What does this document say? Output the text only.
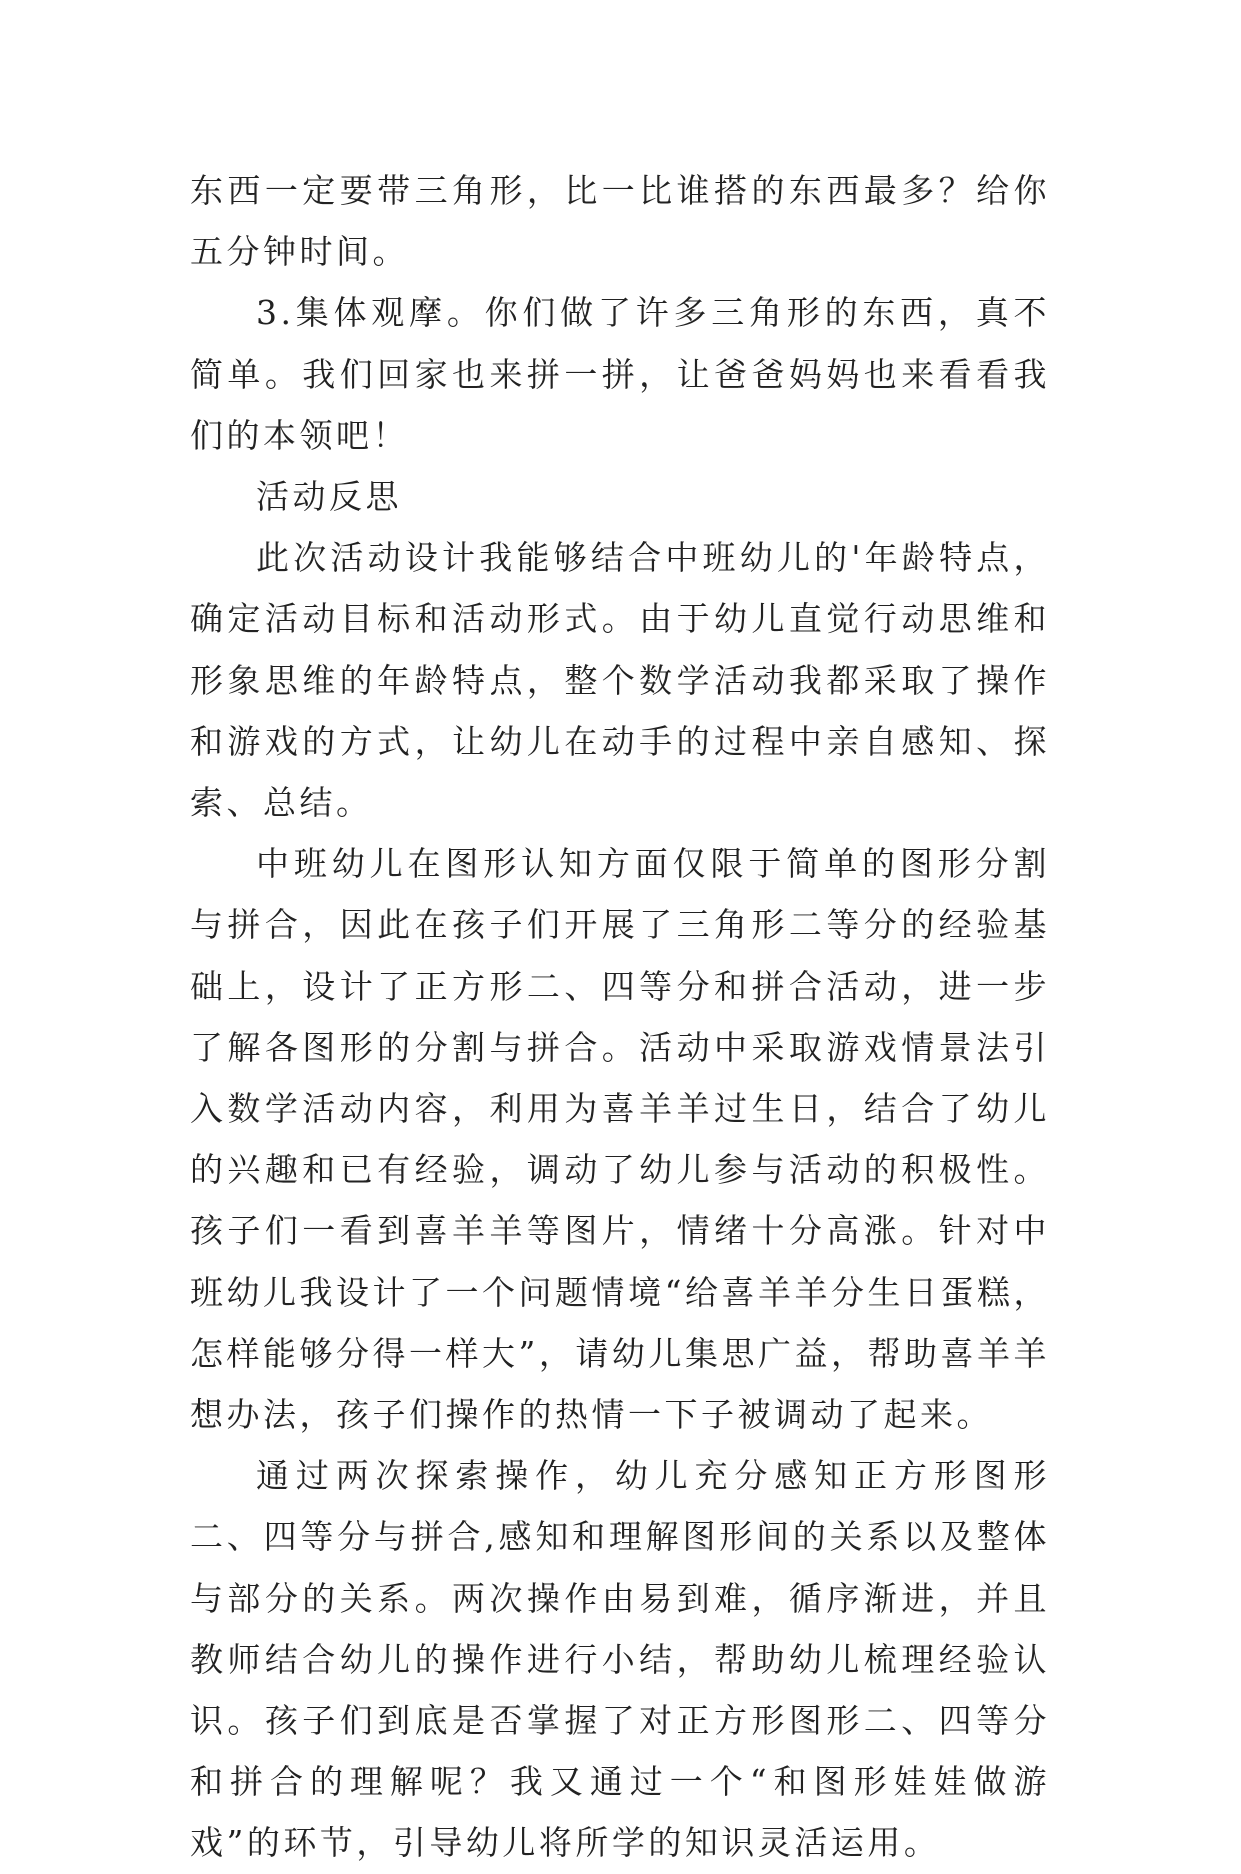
东西一定要带三角形，比一比谁搭的东西最多？给你五分钟时间。

3.集体观摩。你们做了许多三角形的东西，真不简单。我们回家也来拼一拼，让爸爸妈妈也来看看我们的本领吧！

活动反思

此次活动设计我能够结合中班幼儿的'年龄特点，确定活动目标和活动形式。由于幼儿直觉行动思维和形象思维的年龄特点，整个数学活动我都采取了操作和游戏的方式，让幼儿在动手的过程中亲自感知、探索、总结。

中班幼儿在图形认知方面仅限于简单的图形分割与拼合，因此在孩子们开展了三角形二等分的经验基础上，设计了正方形二、四等分和拼合活动，进一步了解各图形的分割与拼合。活动中采取游戏情景法引入数学活动内容，利用为喜羊羊过生日，结合了幼儿的兴趣和已有经验，调动了幼儿参与活动的积极性。孩子们一看到喜羊羊等图片，情绪十分高涨。针对中班幼儿我设计了一个问题情境“给喜羊羊分生日蛋糕，怎样能够分得一样大”，请幼儿集思广益，帮助喜羊羊想办法，孩子们操作的热情一下子被调动了起来。

通过两次探索操作，幼儿充分感知正方形图形二、四等分与拼合,感知和理解图形间的关系以及整体与部分的关系。两次操作由易到难，循序渐进，并且教师结合幼儿的操作进行小结，帮助幼儿梳理经验认识。孩子们到底是否掌握了对正方形图形二、四等分和拼合的理解呢？我又通过一个“和图形娃娃做游戏”的环节，引导幼儿将所学的知识灵活运用。
